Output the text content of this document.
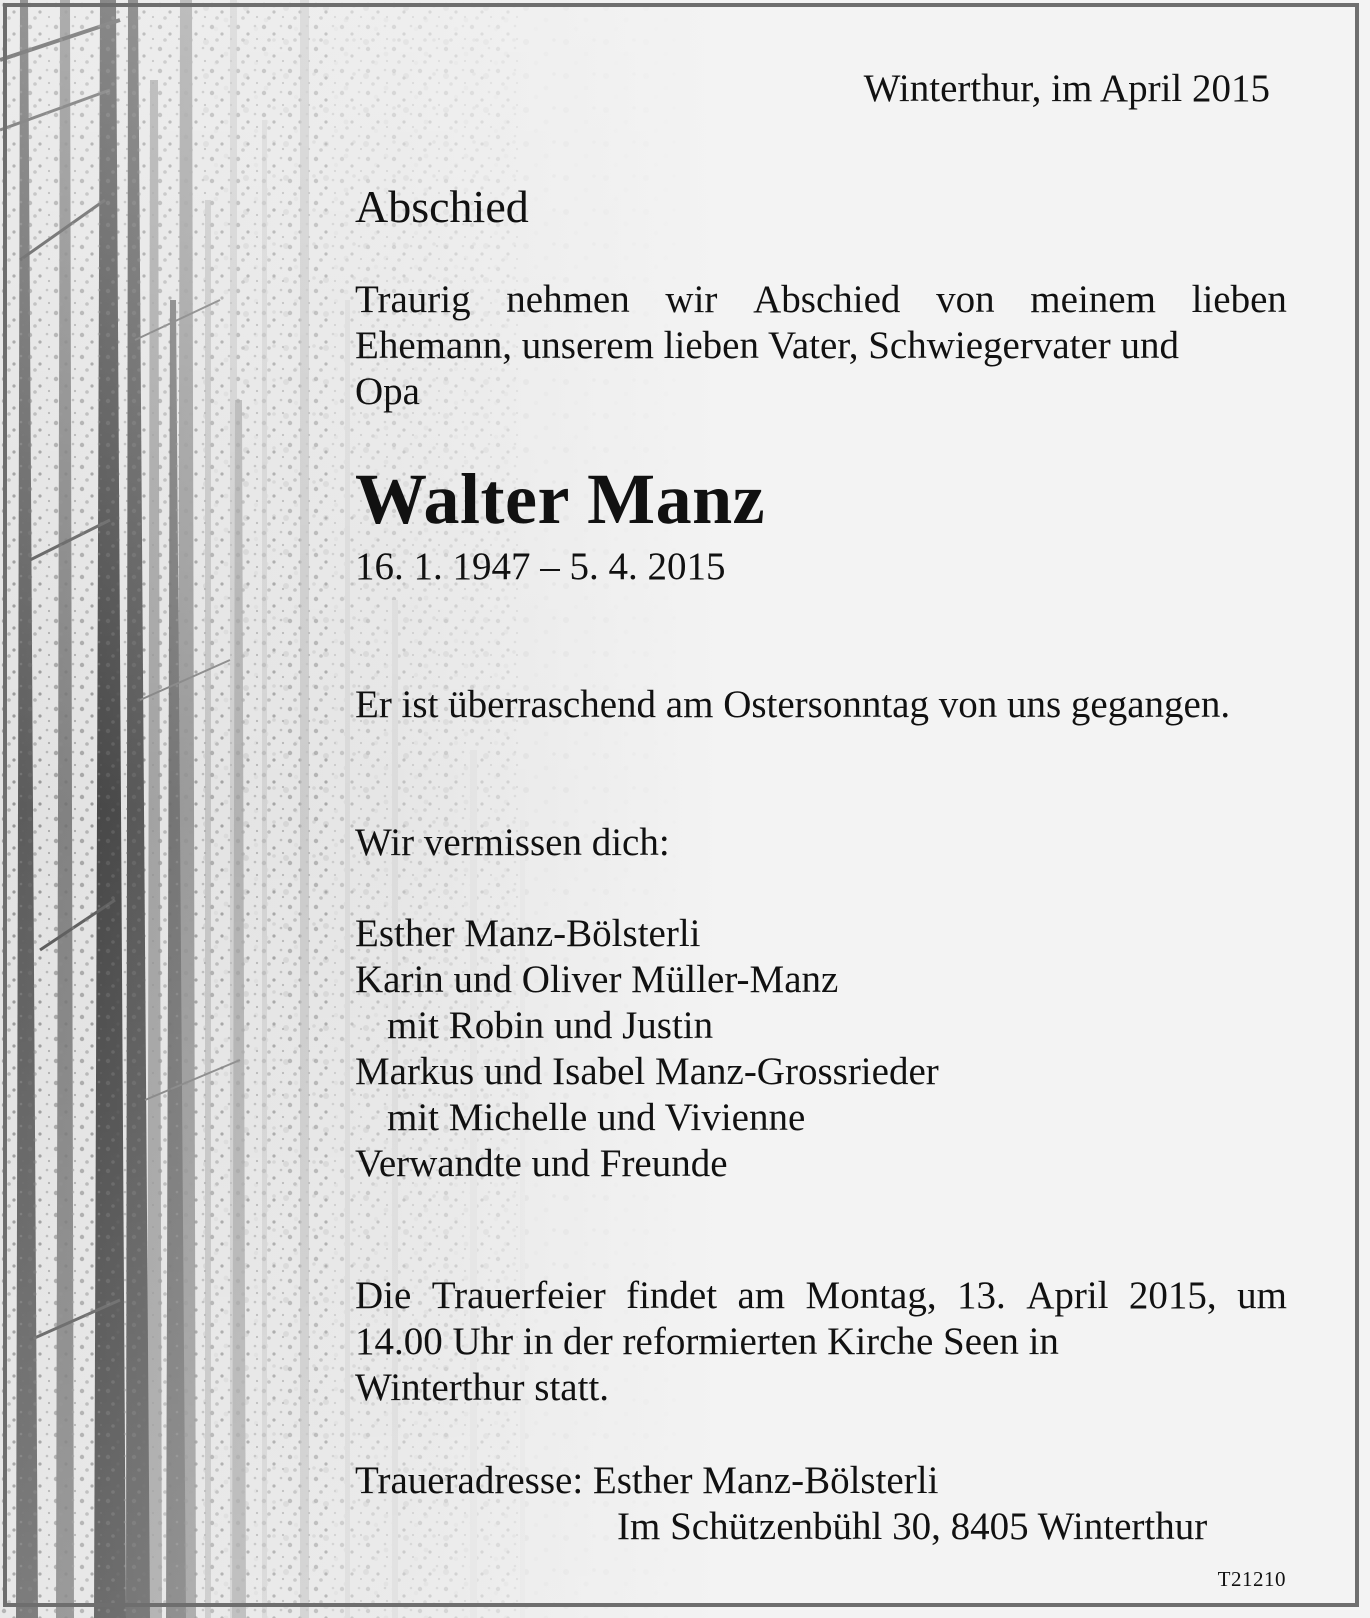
Winterthur, im April 2015
Abschied
Traurig nehmen wir Abschied von meinem lieben
Ehemann, unserem lieben Vater, Schwiegervater und
Opa
Walter Manz
16. 1. 1947 – 5. 4. 2015
Er ist überraschend am Ostersonntag von uns gegangen.
Wir vermissen dich:
Esther Manz-Bölsterli
Karin und Oliver Müller-Manz
mit Robin und Justin
Markus und Isabel Manz-Grossrieder
mit Michelle und Vivienne
Verwandte und Freunde
Die Trauerfeier findet am Montag, 13. April 2015, um
14.00 Uhr in der reformierten Kirche Seen in
Winterthur statt.
Traueradresse: Esther Manz-Bölsterli
Im Schützenbühl 30, 8405 Winterthur
T21210
